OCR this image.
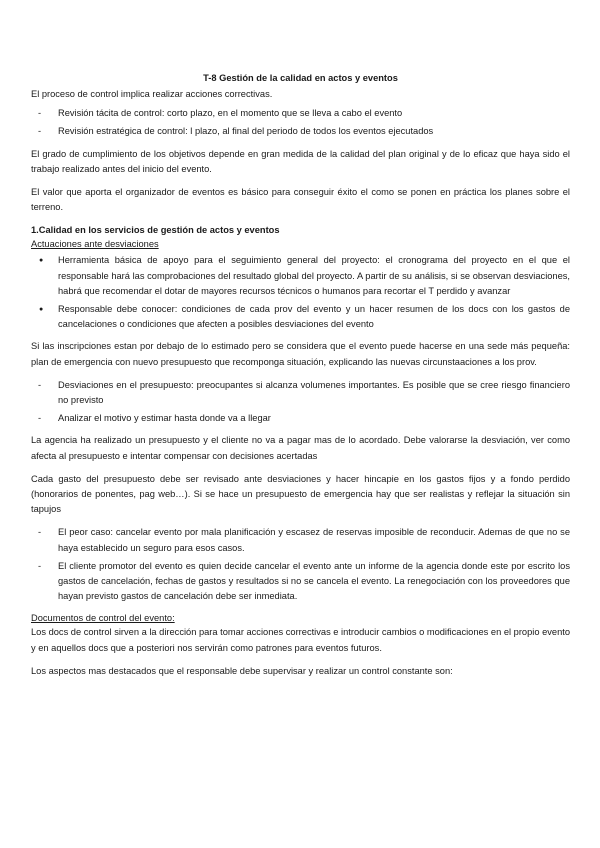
T-8 Gestión de la calidad en actos y eventos

El proceso de control implica realizar acciones correctivas.

- Revisión tácita de control: corto plazo, en el momento que se lleva a cabo el evento
- Revisión estratégica de control: l plazo, al final del periodo de todos los eventos ejecutados

El grado de cumplimiento de los objetivos depende en gran medida de la calidad del plan original y de lo eficaz que haya sido el trabajo realizado antes del inicio del evento.

El valor que aporta el organizador de eventos es básico para conseguir éxito el como se ponen en práctica los planes sobre el terreno.

1.Calidad en los servicios de gestión de actos y eventos
Actuaciones ante desviaciones
● Herramienta básica de apoyo para el seguimiento general del proyecto: el cronograma del proyecto en el que el responsable hará las comprobaciones del resultado global del proyecto. A partir de su análisis, si se observan desviaciones, habrá que recomendar el dotar de mayores recursos técnicos o humanos para recortar el T perdido y avanzar
● Responsable debe conocer: condiciones de cada prov del evento y un hacer resumen de los docs con los gastos de cancelaciones o condiciones que afecten a posibles desviaciones del evento

Si las inscripciones estan por debajo de lo estimado pero se considera que el evento puede hacerse en una sede más pequeña: plan de emergencia con nuevo presupuesto que recomponga situación, explicando las nuevas circunstaaciones a los prov.

- Desviaciones en el presupuesto: preocupantes si alcanza volumenes importantes. Es posible que se cree riesgo financiero no previsto
- Analizar el motivo y estimar hasta donde va a llegar

La agencia ha realizado un presupuesto y el cliente no va a pagar mas de lo acordado. Debe valorarse la desviación, ver como afecta al presupuesto e intentar compensar con decisiones acertadas

Cada gasto del presupuesto debe ser revisado ante desviaciones y hacer hincapie en los gastos fijos y a fondo perdido (honorarios de ponentes, pag web…). Si se hace un presupuesto de emergencia hay que ser realistas y reflejar la situación sin tapujos

- El peor caso: cancelar evento por mala planificación y escasez de reservas imposible de reconducir. Ademas de que no se haya establecido un seguro para esos casos.
- El cliente promotor del evento es quien decide cancelar el evento ante un informe de la agencia donde este por escrito los gastos de cancelación, fechas de gastos y resultados si no se cancela el evento. La renegociación con los proveedores que hayan previsto gastos de cancelación debe ser inmediata.
Documentos de control del evento:

Los docs de control sirven a la dirección para tomar acciones correctivas e introducir cambios o modificaciones en el propio evento y en aquellos docs que a posteriori nos servirán como patrones para eventos futuros.

Los aspectos mas destacados que el responsable debe supervisar y realizar un control constante son:
